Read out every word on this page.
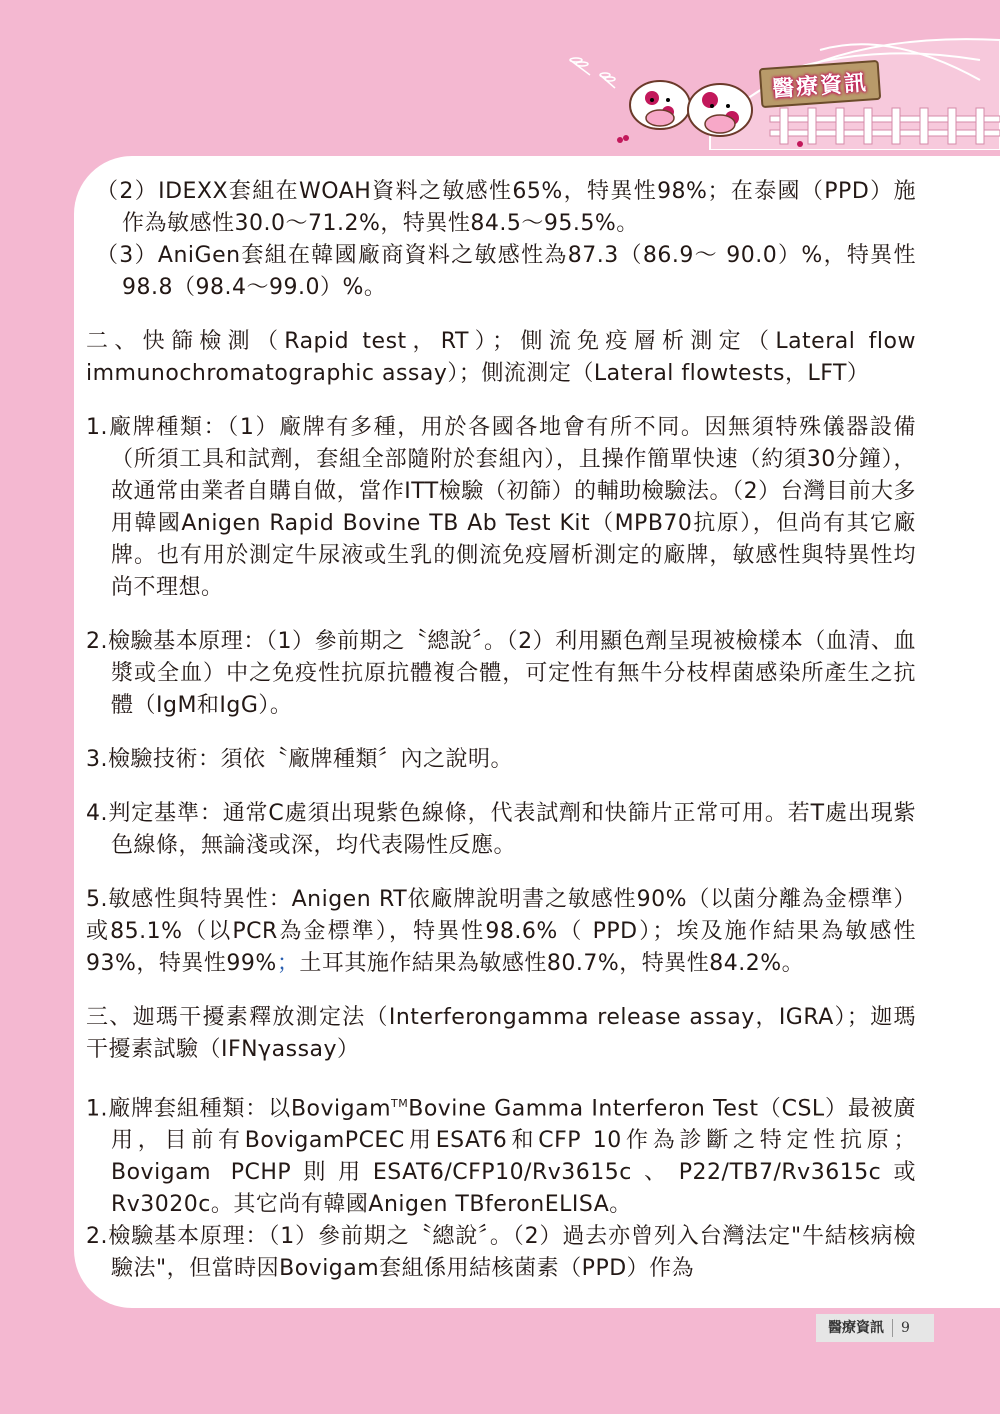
醫療資訊
（2）IDEXX套組在WOAH資料之敏感性65%，特異性98%；在泰國（PPD）施作為敏感性30.0～71.2%，特異性84.5～95.5%。
（3）AniGen套組在韓國廠商資料之敏感性為87.3（86.9～ 90.0）%，特異性98.8（98.4～99.0）%。
二、快篩檢測（Rapid test，RT）；側流免疫層析測定（Lateral flow immunochromatographic assay）；側流測定（Lateral flowtests，LFT）
1.廠牌種類：（1）廠牌有多種，用於各國各地會有所不同。因無須特殊儀器設備（所須工具和試劑，套組全部隨附於套組內），且操作簡單快速（約須30分鐘），故通常由業者自購自做，當作ITT檢驗（初篩）的輔助檢驗法。（2）台灣目前大多用韓國Anigen Rapid Bovine TB Ab Test Kit（MPB70抗原），但尚有其它廠牌。也有用於測定牛尿液或生乳的側流免疫層析測定的廠牌，敏感性與特異性均尚不理想。
2.檢驗基本原理：（1）參前期之〝總說〞。（2）利用顯色劑呈現被檢樣本（血清、血漿或全血）中之免疫性抗原抗體複合體，可定性有無牛分枝桿菌感染所產生之抗體（IgM和IgG）。
3.檢驗技術：須依〝廠牌種類〞內之說明。
4.判定基準：通常C處須出現紫色線條，代表試劑和快篩片正常可用。若T處出現紫色線條，無論淺或深，均代表陽性反應。
5.敏感性與特異性：Anigen RT依廠牌說明書之敏感性90%（以菌分離為金標準）或85.1%（以PCR為金標準），特異性98.6%（ PPD）；埃及施作結果為敏感性93%，特異性99%；土耳其施作結果為敏感性80.7%，特異性84.2%。
三、迦瑪干擾素釋放測定法（Interferongamma release assay，IGRA）；迦瑪干擾素試驗（IFNγassay）
1.廠牌套組種類：以Bovigam™Bovine Gamma Interferon Test（CSL）最被廣用，目前有BovigamPCEC用ESAT6和CFP 10作為診斷之特定性抗原；Bovigam PCHP則用ESAT6/CFP10/Rv3615c、P22/TB7/Rv3615c或Rv3020c。其它尚有韓國Anigen TBferonELISA。
2.檢驗基本原理：（1）參前期之〝總說〞。（2）過去亦曾列入台灣法定"牛結核病檢驗法"，但當時因Bovigam套組係用結核菌素（PPD）作為
醫療資訊	9
